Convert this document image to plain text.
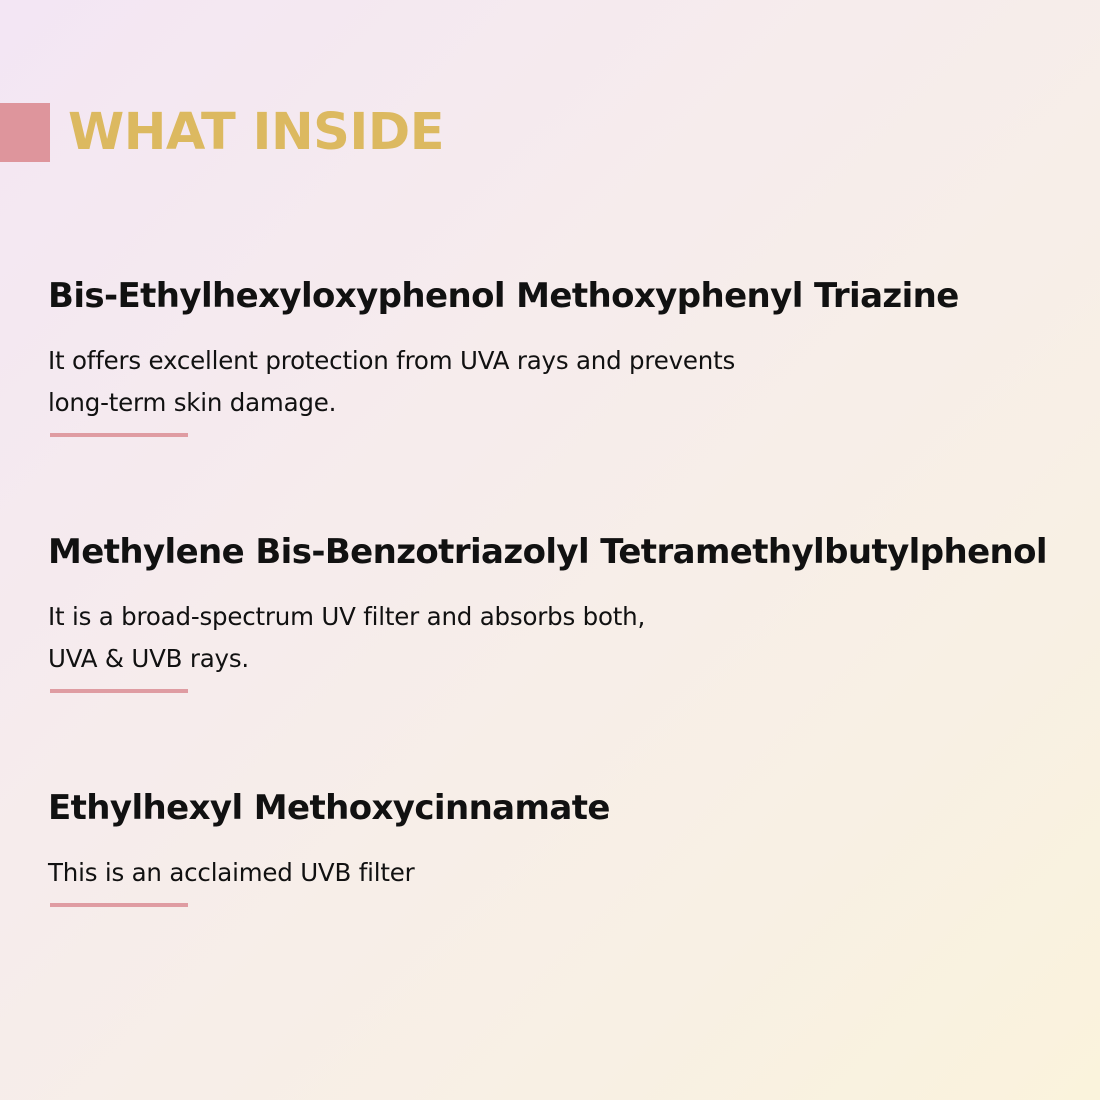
WHAT INSIDE
Bis-Ethylhexyloxyphenol Methoxyphenyl Triazine

It offers excellent protection from UVA rays and prevents
long-term skin damage.

Methylene Bis-Benzotriazolyl Tetramethylbutylphenol

It is a broad-spectrum UV filter and absorbs both,
UVA & UVB rays.

Ethylhexyl Methoxycinnamate

This is an acclaimed UVB filter
